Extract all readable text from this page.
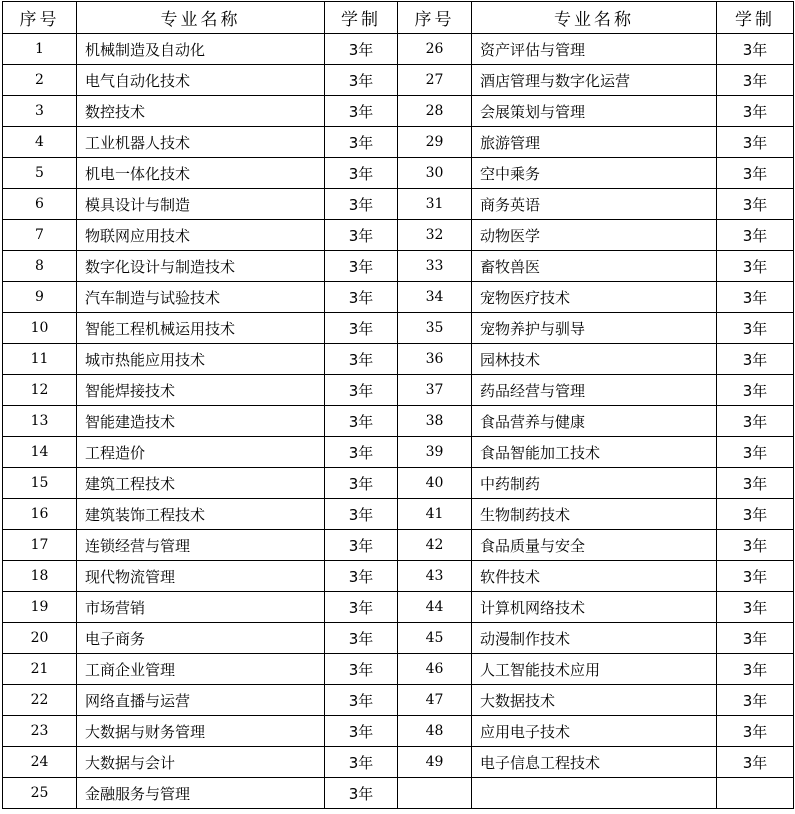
序号	专业名称	学制	序号	专业名称	学制
1	机械制造及自动化	3年	26	资产评估与管理	3年
2	电气自动化技术	3年	27	酒店管理与数字化运营	3年
3	数控技术	3年	28	会展策划与管理	3年
4	工业机器人技术	3年	29	旅游管理	3年
5	机电一体化技术	3年	30	空中乘务	3年
6	模具设计与制造	3年	31	商务英语	3年
7	物联网应用技术	3年	32	动物医学	3年
8	数字化设计与制造技术	3年	33	畜牧兽医	3年
9	汽车制造与试验技术	3年	34	宠物医疗技术	3年
10	智能工程机械运用技术	3年	35	宠物养护与驯导	3年
11	城市热能应用技术	3年	36	园林技术	3年
12	智能焊接技术	3年	37	药品经营与管理	3年
13	智能建造技术	3年	38	食品营养与健康	3年
14	工程造价	3年	39	食品智能加工技术	3年
15	建筑工程技术	3年	40	中药制药	3年
16	建筑装饰工程技术	3年	41	生物制药技术	3年
17	连锁经营与管理	3年	42	食品质量与安全	3年
18	现代物流管理	3年	43	软件技术	3年
19	市场营销	3年	44	计算机网络技术	3年
20	电子商务	3年	45	动漫制作技术	3年
21	工商企业管理	3年	46	人工智能技术应用	3年
22	网络直播与运营	3年	47	大数据技术	3年
23	大数据与财务管理	3年	48	应用电子技术	3年
24	大数据与会计	3年	49	电子信息工程技术	3年
25	金融服务与管理	3年			
